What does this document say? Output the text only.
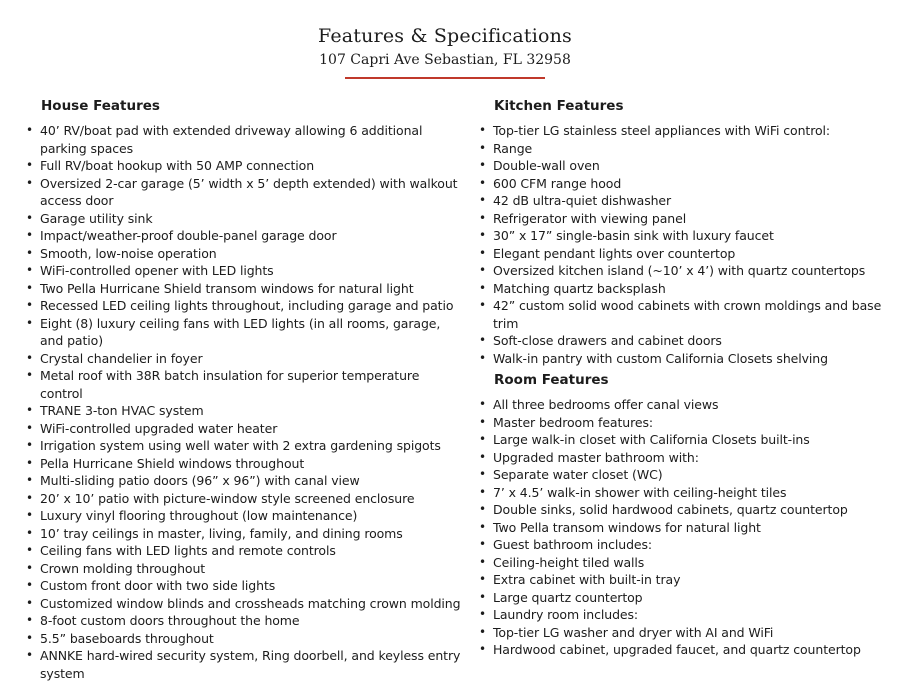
Features & Specifications
107 Capri Ave Sebastian, FL 32958
House Features
• 40’ RV/boat pad with extended driveway allowing 6 additional parking spaces
• Full RV/boat hookup with 50 AMP connection
• Oversized 2-car garage (5’ width x 5’ depth extended) with walkout access door
• Garage utility sink
• Impact/weather-proof double-panel garage door
• Smooth, low-noise operation
• WiFi-controlled opener with LED lights
• Two Pella Hurricane Shield transom windows for natural light
• Recessed LED ceiling lights throughout, including garage and patio
• Eight (8) luxury ceiling fans with LED lights (in all rooms, garage, and patio)
• Crystal chandelier in foyer
• Metal roof with 38R batch insulation for superior temperature control
• TRANE 3-ton HVAC system
• WiFi-controlled upgraded water heater
• Irrigation system using well water with 2 extra gardening spigots
• Pella Hurricane Shield windows throughout
• Multi-sliding patio doors (96” x 96”) with canal view
• 20’ x 10’ patio with picture-window style screened enclosure
• Luxury vinyl flooring throughout (low maintenance)
• 10’ tray ceilings in master, living, family, and dining rooms
• Ceiling fans with LED lights and remote controls
• Crown molding throughout
• Custom front door with two side lights
• Customized window blinds and crossheads matching crown molding
• 8-foot custom doors throughout the home
• 5.5” baseboards throughout
• ANNKE hard-wired security system, Ring doorbell, and keyless entry system
Kitchen Features
• Top-tier LG stainless steel appliances with WiFi control:
• Range
• Double-wall oven
• 600 CFM range hood
• 42 dB ultra-quiet dishwasher
• Refrigerator with viewing panel
• 30” x 17” single-basin sink with luxury faucet
• Elegant pendant lights over countertop
• Oversized kitchen island (~10’ x 4’) with quartz countertops
• Matching quartz backsplash
• 42” custom solid wood cabinets with crown moldings and base trim
• Soft-close drawers and cabinet doors
• Walk-in pantry with custom California Closets shelving
Room Features
• All three bedrooms offer canal views
• Master bedroom features:
• Large walk-in closet with California Closets built-ins
• Upgraded master bathroom with:
• Separate water closet (WC)
• 7’ x 4.5’ walk-in shower with ceiling-height tiles
• Double sinks, solid hardwood cabinets, quartz countertop
• Two Pella transom windows for natural light
• Guest bathroom includes:
• Ceiling-height tiled walls
• Extra cabinet with built-in tray
• Large quartz countertop
• Laundry room includes:
• Top-tier LG washer and dryer with AI and WiFi
• Hardwood cabinet, upgraded faucet, and quartz countertop
